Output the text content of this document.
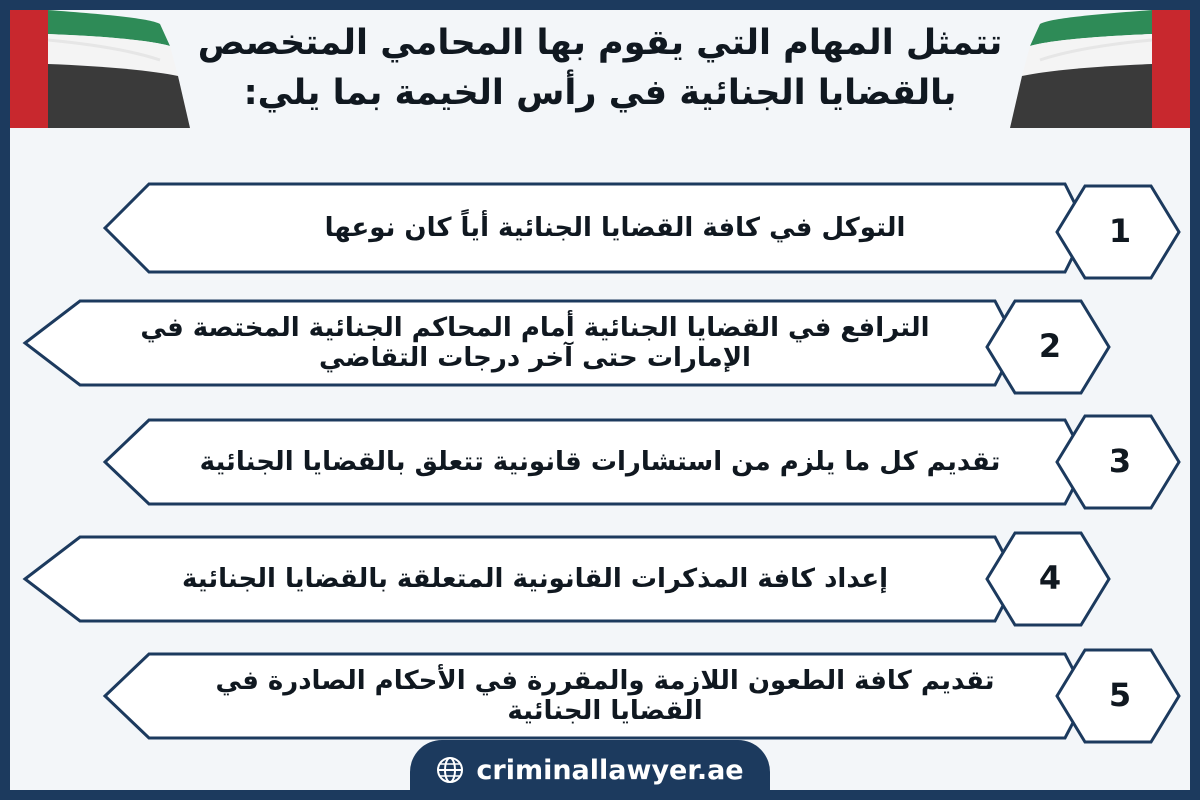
تتمثل المهام التي يقوم بها المحامي المتخصص بالقضايا الجنائية في رأس الخيمة بما يلي:
التوكل في كافة القضايا الجنائية أياً كان نوعها	1
الترافع في القضايا الجنائية أمام المحاكم الجنائية المختصة في الإمارات حتى آخر درجات التقاضي	2
تقديم كل ما يلزم من استشارات قانونية تتعلق بالقضايا الجنائية	3
إعداد كافة المذكرات القانونية المتعلقة بالقضايا الجنائية	4
تقديم كافة الطعون اللازمة والمقررة في الأحكام الصادرة في القضايا الجنائية	5
criminallawyer.ae
